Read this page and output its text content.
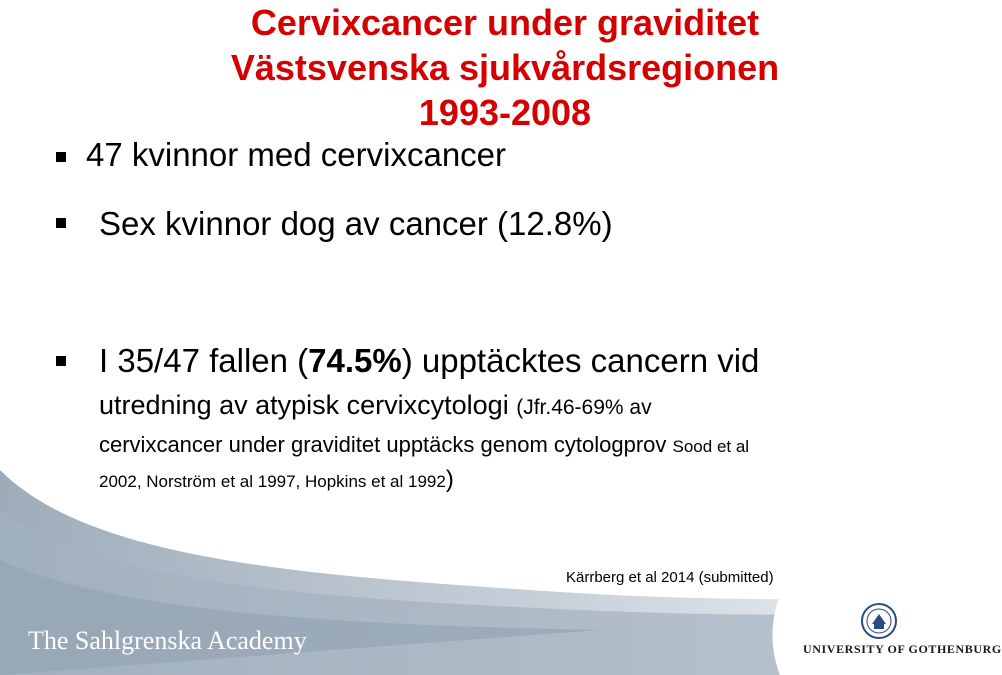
Cervixcancer under graviditet
Västsvenska sjukvårdsregionen
1993-2008
47 kvinnor med cervixcancer
Sex kvinnor dog av cancer (12.8%)
I 35/47 fallen (74.5%) upptäcktes cancern vid
utredning av atypisk cervixcytologi (Jfr.46-69% av
cervixcancer under graviditet upptäcks genom cytologprov Sood et al
2002, Norström et al 1997, Hopkins et al 1992)
Kärrberg et al 2014 (submitted)
The Sahlgrenska Academy	UNIVERSITY OF GOTHENBURG
